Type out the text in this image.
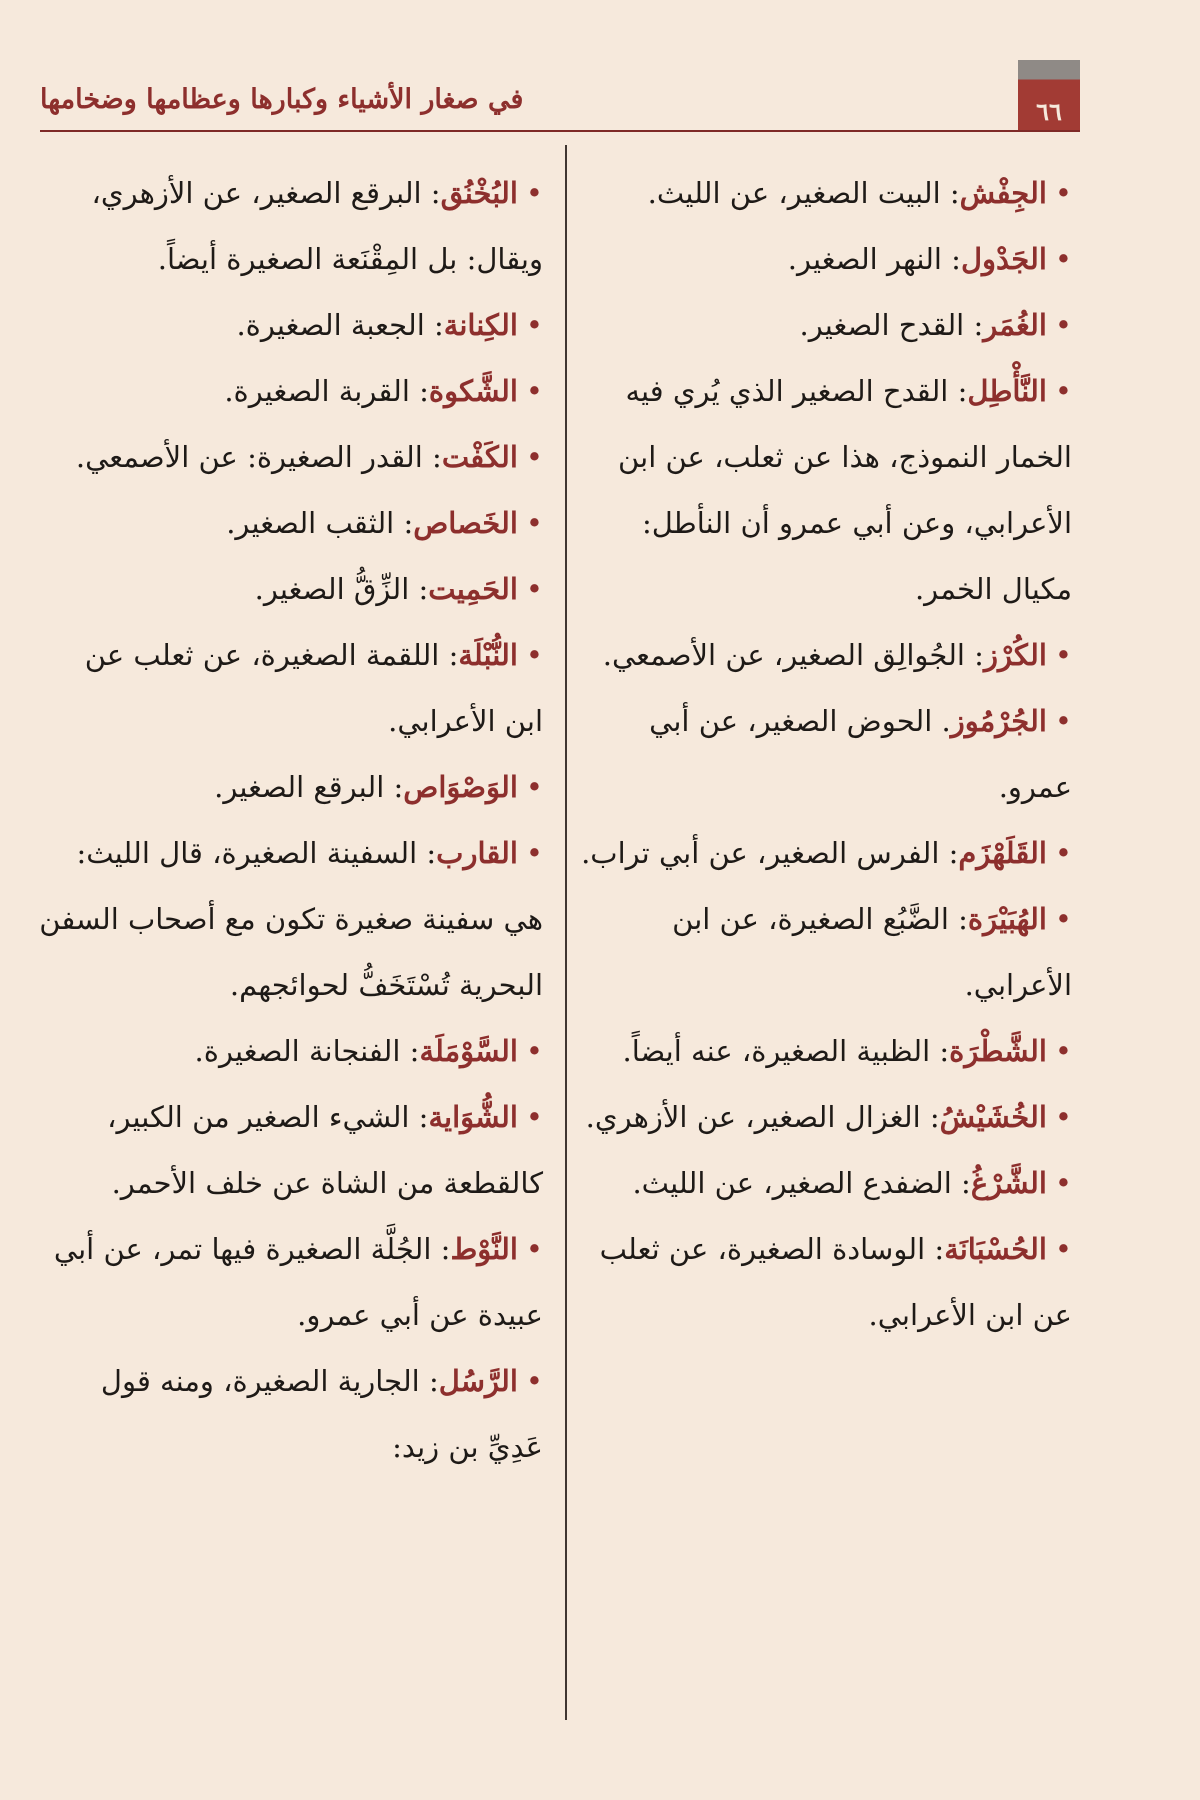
في صغار الأشياء وكبارها وعظامها وضخامها	٦٦

•الجِفْش: البيت الصغير، عن الليث.

•الجَدْول: النهر الصغير.

•الغُمَر: القدح الصغير.

•النَّأْطِل: القدح الصغير الذي يُري فيه الخمار النموذج، هذا عن ثعلب، عن ابن الأعرابي، وعن أبي عمرو أن النأطل: مكيال الخمر.

•الكُرْز: الجُوالِق الصغير، عن الأصمعي.

•الجُرْمُوز. الحوض الصغير، عن أبي عمرو.

•القَلَهْزَم: الفرس الصغير، عن أبي تراب.

•الهُبَيْرَة: الضَّبُع الصغيرة، عن ابن الأعرابي.

•الشَّطْرَة: الظبية الصغيرة، عنه أيضاً.

•الخُشَيْشُ: الغزال الصغير، عن الأزهري.

•الشَّرْغُ: الضفدع الصغير، عن الليث.

•الحُسْبَانَة: الوسادة الصغيرة، عن ثعلب عن ابن الأعرابي.

•البُخْنُق: البرقع الصغير، عن الأزهري، ويقال: بل المِقْنَعة الصغيرة أيضاً.

•الكِنانة: الجعبة الصغيرة.

•الشَّكوة: القربة الصغيرة.

•الكَفْت: القدر الصغيرة: عن الأصمعي.

•الخَصاص: الثقب الصغير.

•الحَمِيت: الزِّقُّ الصغير.

•النُّبْلَة: اللقمة الصغيرة، عن ثعلب عن ابن الأعرابي.

•الوَصْوَاص: البرقع الصغير.

•القارب: السفينة الصغيرة، قال الليث: هي سفينة صغيرة تكون مع أصحاب السفن البحرية تُسْتَخَفُّ لحوائجهم.

•السَّوْمَلَة: الفنجانة الصغيرة.

•الشُّوَاية: الشيء الصغير من الكبير، كالقطعة من الشاة عن خلف الأحمر.

•النَّوْط: الجُلَّة الصغيرة فيها تمر، عن أبي عبيدة عن أبي عمرو.

•الرَّسُل: الجارية الصغيرة، ومنه قول عَدِيِّ بن زيد:
